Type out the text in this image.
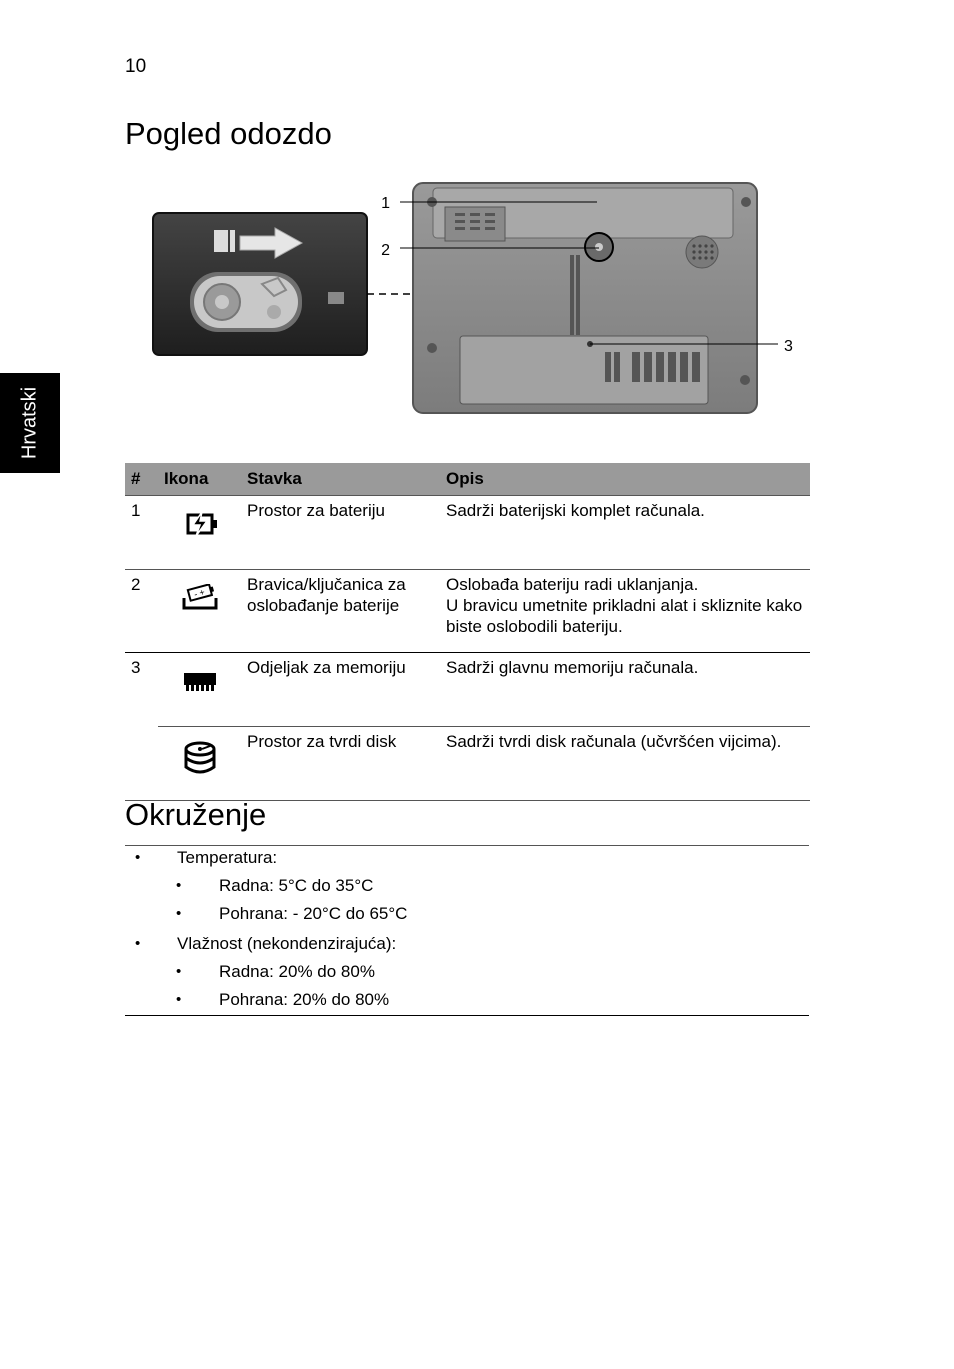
10
Hrvatski
Pogled odozdo
1
2
3
#	Ikona	Stavka	Opis
1		Prostor za bateriju	Sadrži baterijski komplet računala.

2	- +	Bravica/ključanica za oslobađanje baterije	Oslobađa bateriju radi uklanjanja.

U bravicu umetnite prikladni alat i skliznite kako biste oslobodili bateriju.

3		Odjeljak za memoriju	Sadrži glavnu memoriju računala.

		Prostor za tvrdi disk	Sadrži tvrdi disk računala (učvršćen vijcima).

Okruženje
• Temperatura:
• Radna: 5°C do 35°C
• Pohrana: - 20°C do 65°C
• Vlažnost (nekondenzirajuća):
• Radna: 20% do 80%
• Pohrana: 20% do 80%
